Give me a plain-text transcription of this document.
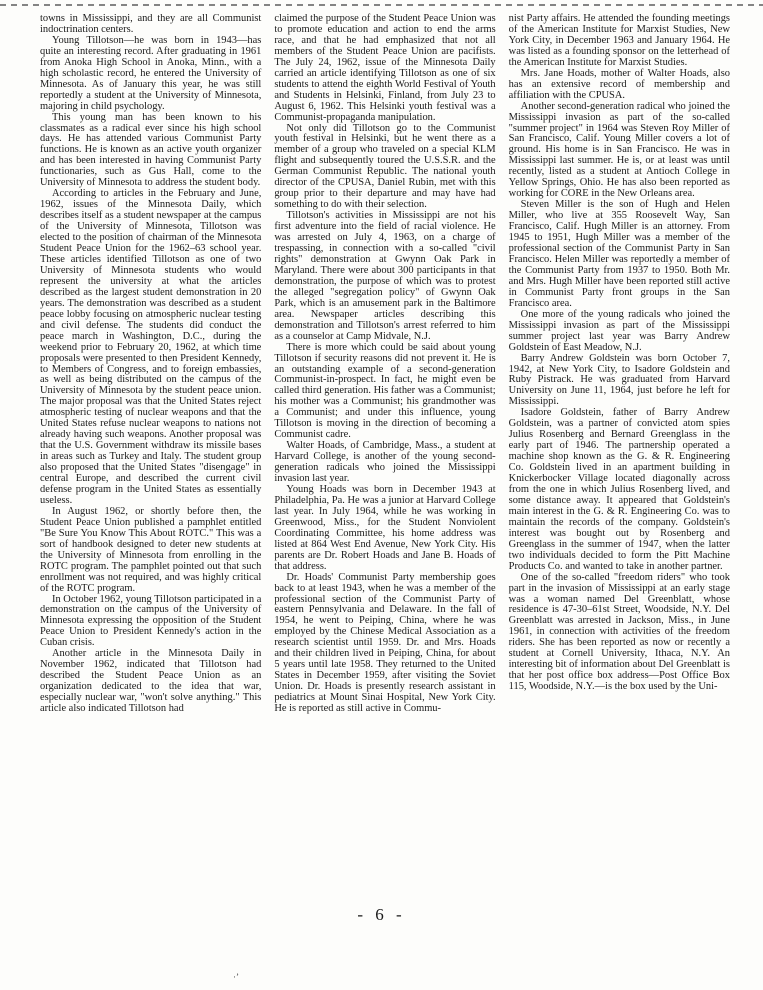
towns in Mississippi, and they are all Communist indoctrination centers.

Young Tillotson—he was born in 1943—has quite an interesting record. After graduating in 1961 from Anoka High School in Anoka, Minn., with a high scholastic record, he entered the University of Minnesota. As of January this year, he was still reportedly a student at the University of Minnesota, majoring in child psychology.

This young man has been known to his classmates as a radical ever since his high school days. He has attended various Communist Party functions. He is known as an active youth organizer and has been interested in having Communist Party functionaries, such as Gus Hall, come to the University of Minnesota to address the student body.

According to articles in the February and June, 1962, issues of the Minnesota Daily, which describes itself as a student newspaper at the campus of the University of Minnesota, Tillotson was elected to the position of chairman of the Minnesota Student Peace Union for the 1962–63 school year. These articles identified Tillotson as one of two University of Minnesota students who would represent the university at what the articles described as the largest student demonstration in 20 years. The demonstration was described as a student peace lobby focusing on atmospheric nuclear testing and civil defense. The students did conduct the peace march in Washington, D.C., during the weekend prior to February 20, 1962, at which time proposals were presented to then President Kennedy, to Members of Congress, and to foreign embassies, as well as being distributed on the campus of the University of Minnesota by the student peace union. The major proposal was that the United States reject atmospheric testing of nuclear weapons and that the United States refuse nuclear weapons to nations not already having such weapons. Another proposal was that the U.S. Government withdraw its missile bases in areas such as Turkey and Italy. The student group also proposed that the United States "disengage" in central Europe, and described the current civil defense program in the United States as essentially useless.

In August 1962, or shortly before then, the Student Peace Union published a pamphlet entitled "Be Sure You Know This About ROTC." This was a sort of handbook designed to deter new students at the University of Minnesota from enrolling in the ROTC program. The pamphlet pointed out that such enrollment was not required, and was highly critical of the ROTC program.

In October 1962, young Tillotson participated in a demonstration on the campus of the University of Minnesota expressing the opposition of the Student Peace Union to President Kennedy's action in the Cuban crisis.

Another article in the Minnesota Daily in November 1962, indicated that Tillotson had described the Student Peace Union as an organization dedicated to the idea that war, especially nuclear war, "won't solve anything." This article also indicated Tillotson had

claimed the purpose of the Student Peace Union was to promote education and action to end the arms race, and that he had emphasized that not all members of the Student Peace Union are pacifists. The July 24, 1962, issue of the Minnesota Daily carried an article identifying Tillotson as one of six students to attend the eighth World Festival of Youth and Students in Helsinki, Finland, from July 23 to August 6, 1962. This Helsinki youth festival was a Communist-propaganda manipulation.

Not only did Tillotson go to the Communist youth festival in Helsinki, but he went there as a member of a group who traveled on a special KLM flight and subsequently toured the U.S.S.R. and the German Communist Republic. The national youth director of the CPUSA, Daniel Rubin, met with this group prior to their departure and may have had something to do with their selection.

Tillotson's activities in Mississippi are not his first adventure into the field of racial violence. He was arrested on July 4, 1963, on a charge of trespassing, in connection with a so-called "civil rights" demonstration at Gwynn Oak Park in Maryland. There were about 300 participants in that demonstration, the purpose of which was to protest the alleged "segregation policy" of Gwynn Oak Park, which is an amusement park in the Baltimore area. Newspaper articles describing this demonstration and Tillotson's arrest referred to him as a counselor at Camp Midvale, N.J.

There is more which could be said about young Tillotson if security reasons did not prevent it. He is an outstanding example of a second-generation Communist-in-prospect. In fact, he might even be called third generation. His father was a Communist; his mother was a Communist; his grandmother was a Communist; and under this influence, young Tillotson is moving in the direction of becoming a Communist cadre.

Walter Hoads, of Cambridge, Mass., a student at Harvard College, is another of the young second-generation radicals who joined the Mississippi invasion last year.

Young Hoads was born in December 1943 at Philadelphia, Pa. He was a junior at Harvard College last year. In July 1964, while he was working in Greenwood, Miss., for the Student Nonviolent Coordinating Committee, his home address was listed at 864 West End Avenue, New York City. His parents are Dr. Robert Hoads and Jane B. Hoads of that address.

Dr. Hoads' Communist Party membership goes back to at least 1943, when he was a member of the professional section of the Communist Party of eastern Pennsylvania and Delaware. In the fall of 1954, he went to Peiping, China, where he was employed by the Chinese Medical Association as a research scientist until 1959. Dr. and Mrs. Hoads and their children lived in Peiping, China, for about 5 years until late 1958. They returned to the United States in December 1959, after visiting the Soviet Union. Dr. Hoads is presently research assistant in pediatrics at Mount Sinai Hospital, New York City. He is reported as still active in Commu-

nist Party affairs. He attended the founding meetings of the American Institute for Marxist Studies, New York City, in December 1963 and January 1964. He was listed as a founding sponsor on the letterhead of the American Institute for Marxist Studies.

Mrs. Jane Hoads, mother of Walter Hoads, also has an extensive record of membership and affiliation with the CPUSA.

Another second-generation radical who joined the Mississippi invasion as part of the so-called "summer project" in 1964 was Steven Roy Miller of San Francisco, Calif. Young Miller covers a lot of ground. His home is in San Francisco. He was in Mississippi last summer. He is, or at least was until recently, listed as a student at Antioch College in Yellow Springs, Ohio. He has also been reported as working for CORE in the New Orleans area.

Steven Miller is the son of Hugh and Helen Miller, who live at 355 Roosevelt Way, San Francisco, Calif. Hugh Miller is an attorney. From 1945 to 1951, Hugh Miller was a member of the professional section of the Communist Party in San Francisco. Helen Miller was reportedly a member of the Communist Party from 1937 to 1950. Both Mr. and Mrs. Hugh Miller have been reported still active in Communist Party front groups in the San Francisco area.

One more of the young radicals who joined the Mississippi invasion as part of the Mississippi summer project last year was Barry Andrew Goldstein of East Meadow, N.J.

Barry Andrew Goldstein was born October 7, 1942, at New York City, to Isadore Goldstein and Ruby Pistrack. He was graduated from Harvard University on June 11, 1964, just before he left for Mississippi.

Isadore Goldstein, father of Barry Andrew Goldstein, was a partner of convicted atom spies Julius Rosenberg and Bernard Greenglass in the early part of 1946. The partnership operated a machine shop known as the G. & R. Engineering Co. Goldstein lived in an apartment building in Knickerbocker Village located diagonally across from the one in which Julius Rosenberg lived, and some distance away. It appeared that Goldstein's main interest in the G. & R. Engineering Co. was to maintain the records of the company. Goldstein's interest was bought out by Rosenberg and Greenglass in the summer of 1947, when the latter two individuals decided to form the Pitt Machine Products Co. and wanted to take in another partner.

One of the so-called "freedom riders" who took part in the invasion of Mississippi at an early stage was a woman named Del Greenblatt, whose residence is 47-30–61st Street, Woodside, N.Y. Del Greenblatt was arrested in Jackson, Miss., in June 1961, in connection with activities of the freedom riders. She has been reported as now or recently a student at Cornell University, Ithaca, N.Y. An interesting bit of information about Del Greenblatt is that her post office box address—Post Office Box 115, Woodside, N.Y.—is the box used by the Uni-

- 6 -
·ʼ
